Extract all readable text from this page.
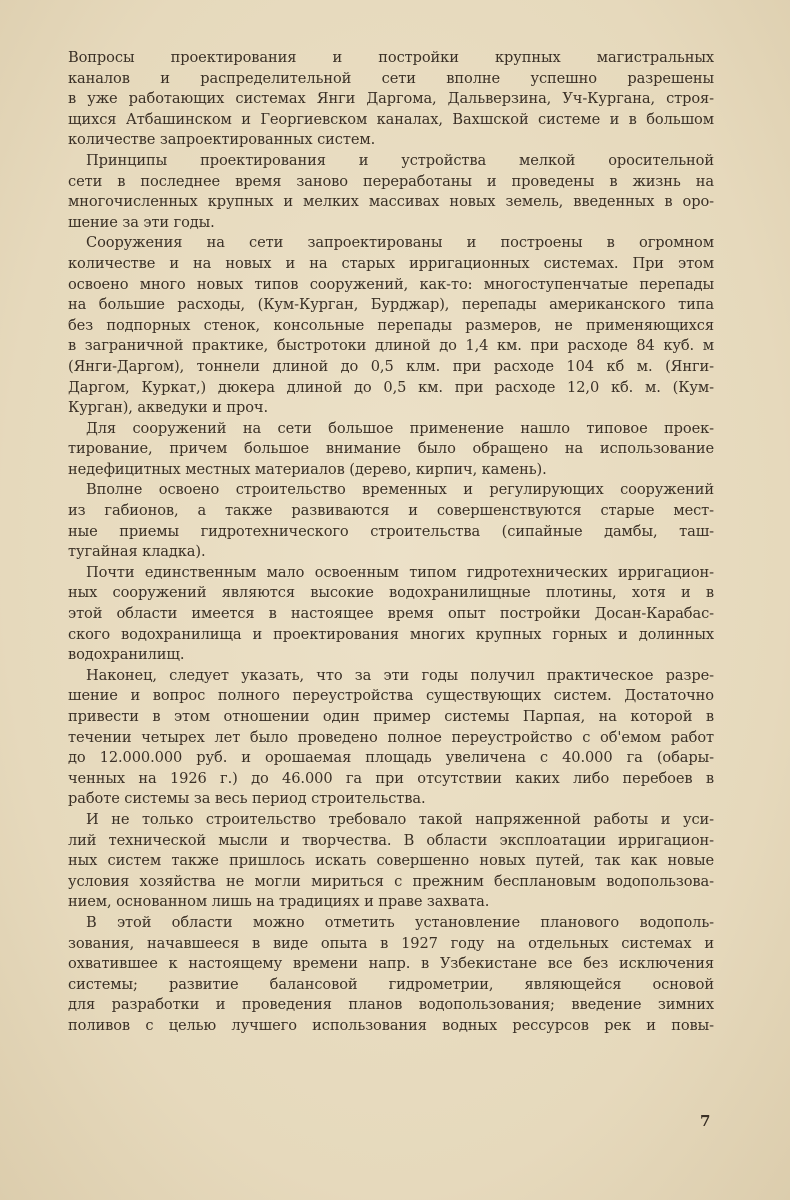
Вопросы проектирования и постройки крупных магистральных
каналов и распределительной сети вполне успешно разрешены
в уже работающих системах Янги Даргома, Дальверзина, Уч-Кургана, строя-
щихся Атбашинском и Георгиевском каналах, Вахшской системе и в большом
количестве запроектированных систем.
Принципы проектирования и устройства мелкой оросительной
сети в последнее время заново переработаны и проведены в жизнь на
многочисленных крупных и мелких массивах новых земель, введенных в оро-
шение за эти годы.
Сооружения на сети запроектированы и построены в огромном
количестве и на новых и на старых ирригационных системах. При этом
освоено много новых типов сооружений, как-то: многоступенчатые перепады
на большие расходы, (Кум-Курган, Бурджар), перепады американского типа
без подпорных стенок, консольные перепады размеров, не применяющихся
в заграничной практике, быстротоки длиной до 1,4 км. при расходе 84 куб. м
(Янги-Даргом), тоннели длиной до 0,5 клм. при расходе 104 кб м. (Янги-
Даргом, Куркат,) дюкера длиной до 0,5 км. при расходе 12,0 кб. м. (Кум-
Курган), акведуки и проч.
Для сооружений на сети большое применение нашло типовое проек-
тирование, причем большое внимание было обращено на использование
недефицитных местных материалов (дерево, кирпич, камень).
Вполне освоено строительство временных и регулирующих сооружений
из габионов, а также развиваются и совершенствуются старые мест-
ные приемы гидротехнического строительства (сипайные дамбы, таш-
тугайная кладка).
Почти единственным мало освоенным типом гидротехнических ирригацион-
ных сооружений являются высокие водохранилищные плотины, хотя и в
этой области имеется в настоящее время опыт постройки Досан-Карабас-
ского водохранилища и проектирования многих крупных горных и долинных
водохранилищ.
Наконец, следует указать, что за эти годы получил практическое разре-
шение и вопрос полного переустройства существующих систем. Достаточно
привести в этом отношении один пример системы Парпая, на которой в
течении четырех лет было проведено полное переустройство с об'емом работ
до 12.000.000 руб. и орошаемая площадь увеличена с 40.000 га (обары-
ченных на 1926 г.) до 46.000 га при отсутствии каких либо перебоев в
работе системы за весь период строительства.
И не только строительство требовало такой напряженной работы и уси-
лий технической мысли и творчества. В области эксплоатации ирригацион-
ных систем также пришлось искать совершенно новых путей, так как новые
условия хозяйства не могли мириться с прежним бесплановым водопользова-
нием, основанном лишь на традициях и праве захвата.
В этой области можно отметить установление планового водополь-
зования, начавшееся в виде опыта в 1927 году на отдельных системах и
охватившее к настоящему времени напр. в Узбекистане все без исключения
системы; развитие балансовой гидрометрии, являющейся основой
для разработки и проведения планов водопользования; введение зимних
поливов с целью лучшего использования водных рессурсов рек и повы-
7
